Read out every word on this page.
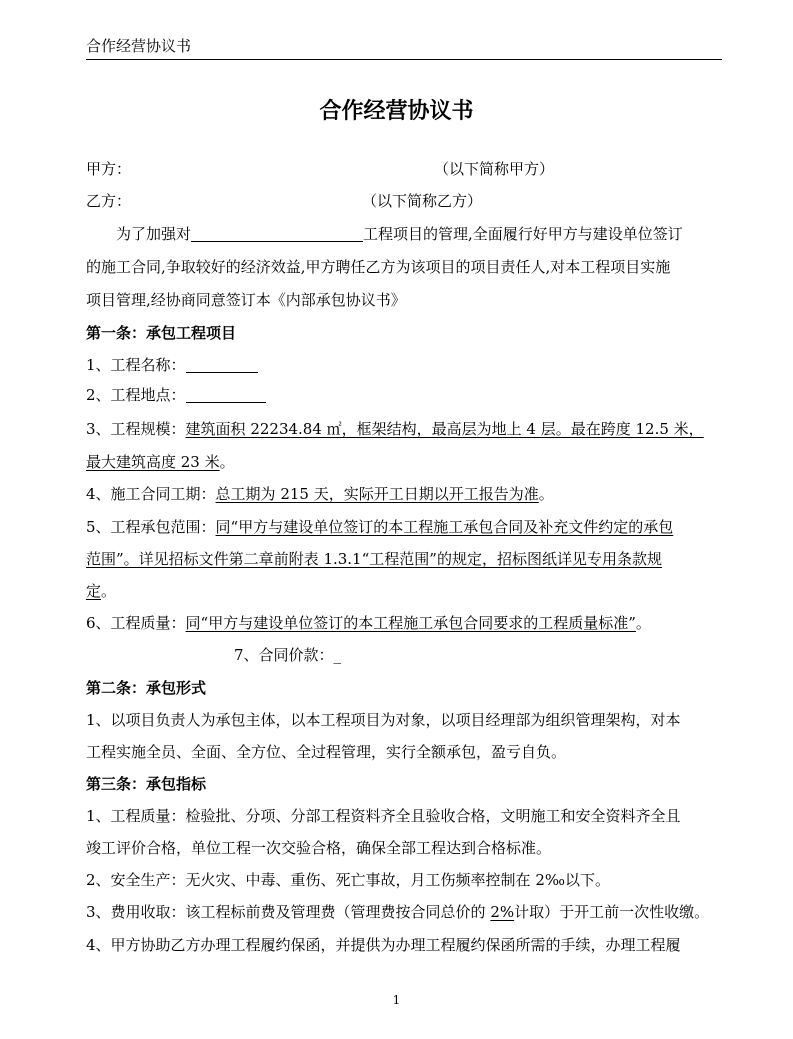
合作经营协议书
合作经营协议书
甲方：	（以下简称甲方）
乙方：	（以下简称乙方）
为了加强对	工程项目的管理,全面履行好甲方与建设单位签订
的施工合同,争取较好的经济效益,甲方聘任乙方为该项目的项目责任人,对本工程项目实施
项目管理,经协商同意签订本《内部承包协议书》
第一条：承包工程项目
1、工程名称：
2、工程地点：
3、工程规模：建筑面积 22234.84 ㎡，框架结构，最高层为地上 4 层。最在跨度 12.5 米，
最大建筑高度 23 米。
4、施工合同工期：总工期为 215 天，实际开工日期以开工报告为准。
5、工程承包范围：同“甲方与建设单位签订的本工程施工承包合同及补充文件约定的承包
范围”。详见招标文件第二章前附表 1.3.1“工程范围”的规定，招标图纸详见专用条款规
定。
6、工程质量：同“甲方与建设单位签订的本工程施工承包合同要求的工程质量标准”。
7、合同价款：_
第二条：承包形式
1、以项目负责人为承包主体，以本工程项目为对象，以项目经理部为组织管理架构，对本
工程实施全员、全面、全方位、全过程管理，实行全额承包，盈亏自负。
第三条：承包指标
1、工程质量：检验批、分项、分部工程资料齐全且验收合格，文明施工和安全资料齐全且
竣工评价合格，单位工程一次交验合格，确保全部工程达到合格标准。
2、安全生产：无火灾、中毒、重伤、死亡事故，月工伤频率控制在 2‰以下。
3、费用收取：该工程标前费及管理费（管理费按合同总价的 2%计取）于开工前一次性收缴。
4、甲方协助乙方办理工程履约保函，并提供为办理工程履约保函所需的手续，办理工程履
1
